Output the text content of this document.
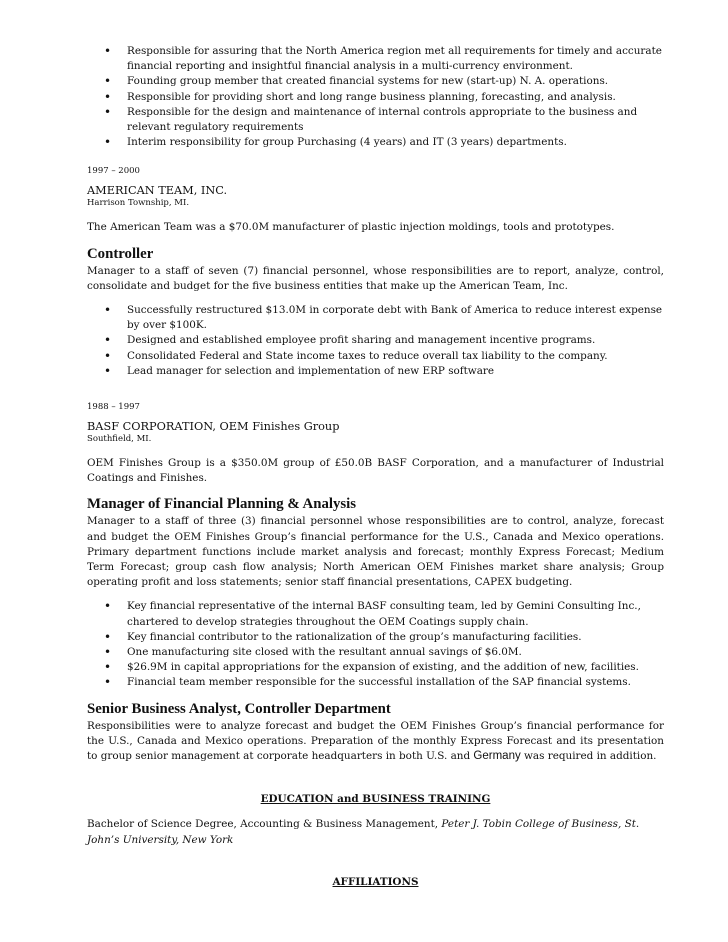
• Responsible for assuring that the North America region met all requirements for timely and accurate financial reporting and insightful financial analysis in a multi-currency environment.
• Founding group member that created financial systems for new (start-up) N. A. operations.
• Responsible for providing short and long range business planning, forecasting, and analysis.
• Responsible for the design and maintenance of internal controls appropriate to the business and relevant regulatory requirements
• Interim responsibility for group Purchasing (4 years) and IT (3 years) departments.
1997 – 2000
AMERICAN TEAM, INC.
Harrison Township, MI.

The American Team was a $70.0M manufacturer of plastic injection moldings, tools and prototypes.

Controller

Manager to a staff of seven (7) financial personnel, whose responsibilities are to report, analyze, control, consolidate and budget for the five business entities that make up the American Team, Inc.

• Successfully restructured $13.0M in corporate debt with Bank of America to reduce interest expense by over $100K.
• Designed and established employee profit sharing and management incentive programs.
• Consolidated Federal and State income taxes to reduce overall tax liability to the company.
• Lead manager for selection and implementation of new ERP software
1988 – 1997
BASF CORPORATION, OEM Finishes Group
Southfield, MI.

OEM Finishes Group is a $350.0M group of £50.0B BASF Corporation, and a manufacturer of Industrial Coatings and Finishes.

Manager of Financial Planning & Analysis

Manager to a staff of three (3) financial personnel whose responsibilities are to control, analyze, forecast and budget the OEM Finishes Group’s financial performance for the U.S., Canada and Mexico operations. Primary department functions include market analysis and forecast; monthly Express Forecast; Medium Term Forecast; group cash flow analysis; North American OEM Finishes market share analysis; Group operating profit and loss statements; senior staff financial presentations, CAPEX budgeting.

• Key financial representative of the internal BASF consulting team, led by Gemini Consulting Inc., chartered to develop strategies throughout the OEM Coatings supply chain.
• Key financial contributor to the rationalization of the group’s manufacturing facilities.
• One manufacturing site closed with the resultant annual savings of $6.0M.
• $26.9M in capital appropriations for the expansion of existing, and the addition of new, facilities.
• Financial team member responsible for the successful installation of the SAP financial systems.
Senior Business Analyst, Controller Department

Responsibilities were to analyze forecast and budget the OEM Finishes Group’s financial performance for the U.S., Canada and Mexico operations. Preparation of the monthly Express Forecast and its presentation to group senior management at corporate headquarters in both U.S. and Germany was required in addition.

EDUCATION and BUSINESS TRAINING

Bachelor of Science Degree, Accounting & Business Management, Peter J. Tobin College of Business, St. John’s University, New York

AFFILIATIONS
